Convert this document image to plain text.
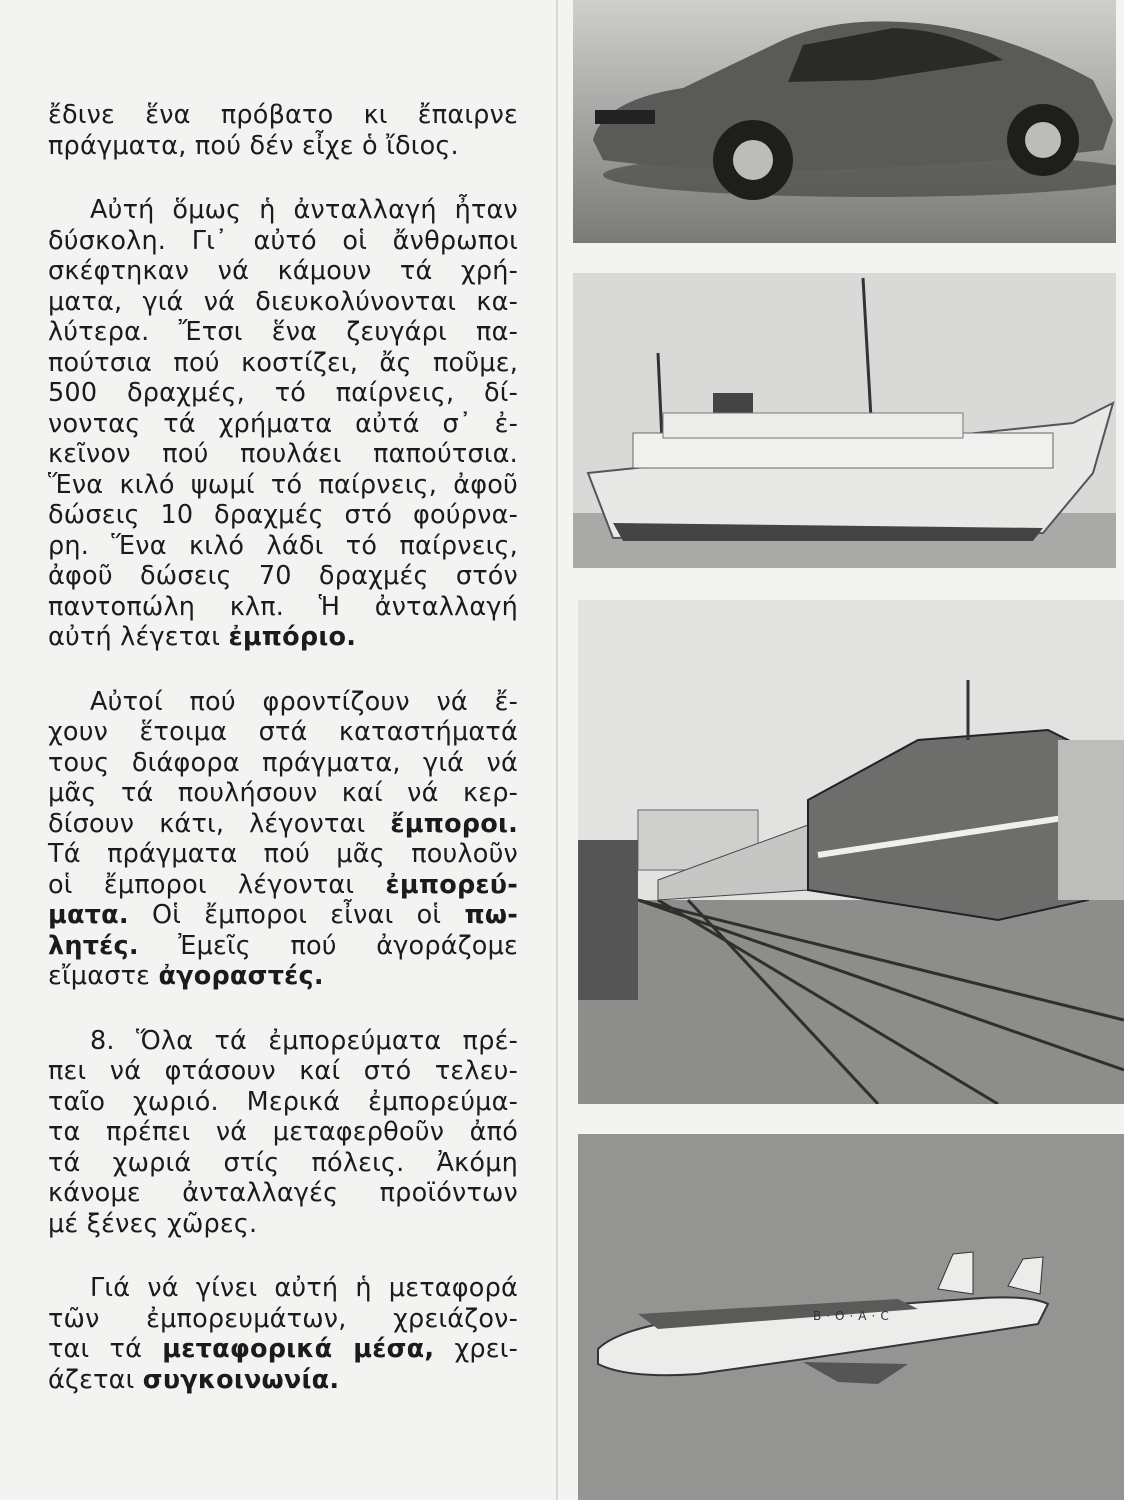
ἔδινε ἕνα πρόβατο κι ἔπαιρνε
πράγματα, πού δέν εἶχε ὁ ἴδιος.

Αὐτή ὅμως ἡ ἀνταλλαγή ἦταν
δύσκολη. Γι᾿ αὐτό οἱ ἄνθρωποι
σκέφτηκαν νά κάμουν τά χρή-
ματα, γιά νά διευκολύνονται κα-
λύτερα. Ἔτσι ἕνα ζευγάρι πα-
πούτσια πού κοστίζει, ἄς ποῦμε,
500 δραχμές, τό παίρνεις, δί-
νοντας τά χρήματα αὐτά σ᾿ ἐ-
κεῖνον πού πουλάει παπούτσια.
Ἕνα κιλό ψωμί τό παίρνεις, ἀφοῦ
δώσεις 10 δραχμές στό φούρνα-
ρη. Ἕνα κιλό λάδι τό παίρνεις,
ἀφοῦ δώσεις 70 δραχμές στόν
παντοπώλη κλπ. Ἡ ἀνταλλαγή
αὐτή λέγεται ἐμπόριο.

Αὐτοί πού φροντίζουν νά ἔ-
χουν ἕτοιμα στά καταστήματά
τους διάφορα πράγματα, γιά νά
μᾶς τά πουλήσουν καί νά κερ-
δίσουν κάτι, λέγονται ἔμποροι.
Τά πράγματα πού μᾶς πουλοῦν
οἱ ἔμποροι λέγονται ἐμπορεύ-
ματα. Οἱ ἔμποροι εἶναι οἱ πω-
λητές. Ἐμεῖς πού ἀγοράζομε
εἴμαστε ἀγοραστές.

8. Ὅλα τά ἐμπορεύματα πρέ-
πει νά φτάσουν καί στό τελευ-
ταῖο χωριό. Μερικά ἐμπορεύμα-
τα πρέπει νά μεταφερθοῦν ἀπό
τά χωριά στίς πόλεις. Ἀκόμη
κάνομε ἀνταλλαγές προϊόντων
μέ ξένες χῶρες.

Γιά νά γίνει αὐτή ἡ μεταφορά
τῶν ἐμπορευμάτων, χρειάζον-
ται τά μεταφορικά μέσα, χρει-
άζεται συγκοινωνία.

B·O·A·C
